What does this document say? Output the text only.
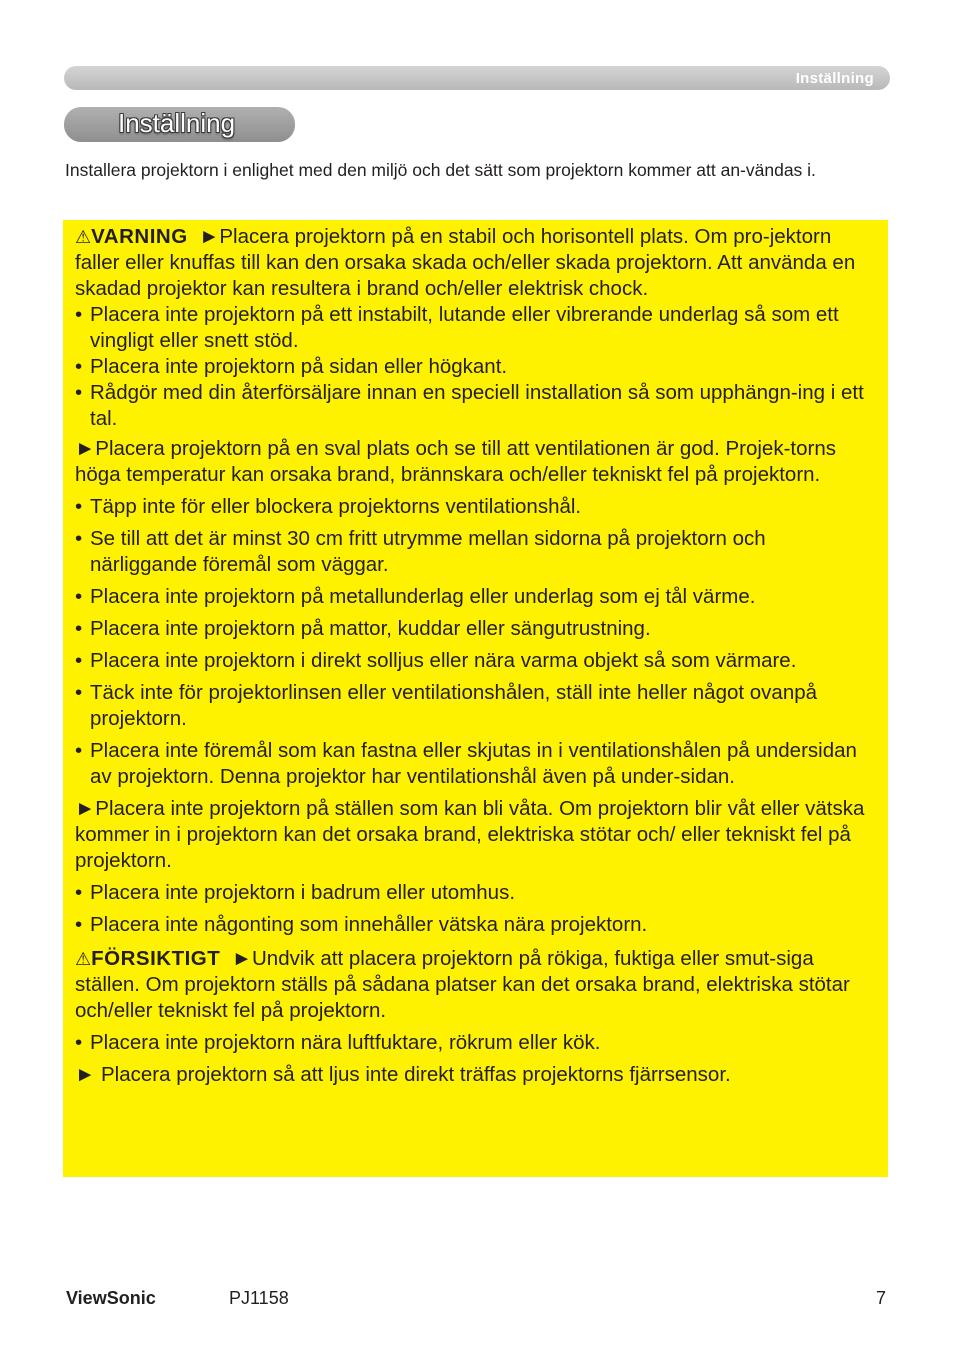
Inställning
Inställning
Installera projektorn i enlighet med den miljö och det sätt som projektorn kommer att an-vändas i.

⚠VARNING ►Placera projektorn på en stabil och horisontell plats. Om pro-jektorn faller eller knuffas till kan den orsaka skada och/eller skada projektorn. Att använda en skadad projektor kan resultera i brand och/eller elektrisk chock.

• Placera inte projektorn på ett instabilt, lutande eller vibrerande underlag så som ett vingligt eller snett stöd.

• Placera inte projektorn på sidan eller högkant.

• Rådgör med din återförsäljare innan en speciell installation så som upphängn-ing i ett tal.

►Placera projektorn på en sval plats och se till att ventilationen är god. Projek-torns höga temperatur kan orsaka brand, brännskara och/eller tekniskt fel på projektorn.

• Täpp inte för eller blockera projektorns ventilationshål.

• Se till att det är minst 30 cm fritt utrymme mellan sidorna på projektorn och närliggande föremål som väggar.

• Placera inte projektorn på metallunderlag eller underlag som ej tål värme.

• Placera inte projektorn på mattor, kuddar eller sängutrustning.

• Placera inte projektorn i direkt solljus eller nära varma objekt så som värmare.

• Täck inte för projektorlinsen eller ventilationshålen, ställ inte heller något ovanpå projektorn.

• Placera inte föremål som kan fastna eller skjutas in i ventilationshålen på undersidan av projektorn. Denna projektor har ventilationshål även på under-sidan.

►Placera inte projektorn på ställen som kan bli våta. Om projektorn blir våt eller vätska kommer in i projektorn kan det orsaka brand, elektriska stötar och/ eller tekniskt fel på projektorn.

• Placera inte projektorn i badrum eller utomhus.

• Placera inte någonting som innehåller vätska nära projektorn.

⚠FÖRSIKTIGT ►Undvik att placera projektorn på rökiga, fuktiga eller smut-siga ställen. Om projektorn ställs på sådana platser kan det orsaka brand, elektriska stötar och/eller tekniskt fel på projektorn.

• Placera inte projektorn nära luftfuktare, rökrum eller kök.

► Placera projektorn så att ljus inte direkt träffas projektorns fjärrsensor.

ViewSonic	PJ1158	7
